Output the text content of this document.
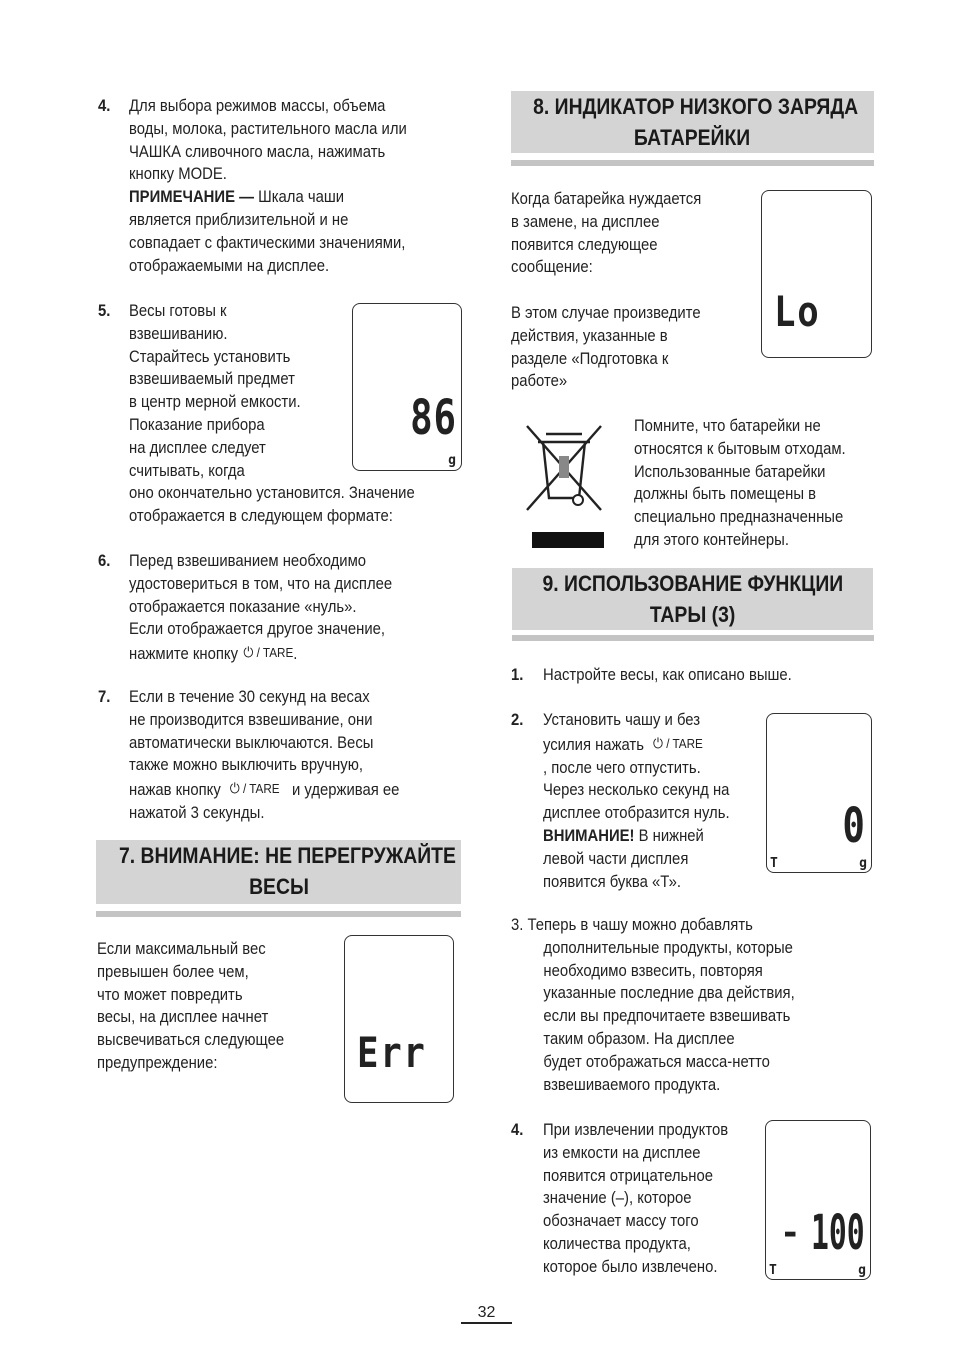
4. Для выбора режимов массы, объема
воды, молока, растительного масла или
ЧАШКА сливочного масла, нажимать
кнопку MODE.
ПРИМЕЧАНИЕ — Шкала чаши
является приблизительной и не
совпадает с фактическими значениями,
отображаемыми на дисплее.
5. Весы готовы к
взвешиванию.
Старайтесь установить
взвешиваемый предмет
в центр мерной емкости.
Показание прибора
на дисплее следует
считывать, когда
оно окончательно установится. Значение
отображается в следующем формате:
86
g
6. Перед взвешиванием необходимо
удостовериться в том, что на дисплее
отображается показание «нуль».
Если отображается другое значение,
нажмите кнопку ⏻ / TARE.
7. Если в течение 30 секунд на весах
не производится взвешивание, они
автоматически выключаются. Весы
также можно выключить вручную,
нажав кнопку ⏻ / TARE и удерживая ее
нажатой 3 секунды.
7. ВНИМАНИЕ: НЕ ПЕРЕГРУЖАЙТЕ
ВЕСЫ
Если максимальный вес
превышен более чем,
что может повредить
весы, на дисплее начнет
высвечиваться следующее
предупреждение:	Err
8. ИНДИКАТОР НИЗКОГО ЗАРЯДА
БАТАРЕЙКИ
Когда батарейка нуждается
в замене, на дисплее
появится следующее
сообщение:
В этом случае произведите
действия, указанные в
разделе «Подготовка к
работе»
Lo
Помните, что батарейки не
относятся к бытовым отходам.
Использованные батарейки
должны быть помещены в
специально предназначенные
для этого контейнеры.
9. ИСПОЛЬЗОВАНИЕ ФУНКЦИИ
ТАРЫ (3)
1. Настройте весы, как описано выше.
2. Установить чашу и без
усилия нажать ⏻ / TARE
, после чего отпустить.
Через несколько секунд на
дисплее отобразится нуль.
ВНИМАНИЕ! В нижней
левой части дисплея
появится буква «Т».
0
T	g
3. Теперь в чашу можно добавлять
дополнительные продукты, которые
необходимо взвесить, повторяя
указанные последние два действия,
если вы предпочитаете взвешивать
таким образом. На дисплее
будет отображаться масса-нетто
взвешиваемого продукта.
4. При извлечении продуктов
из емкости на дисплее
появится отрицательное
значение (–), которое
обозначает массу того
количества продукта,
которое было извлечено.
- 100
T	g
32
